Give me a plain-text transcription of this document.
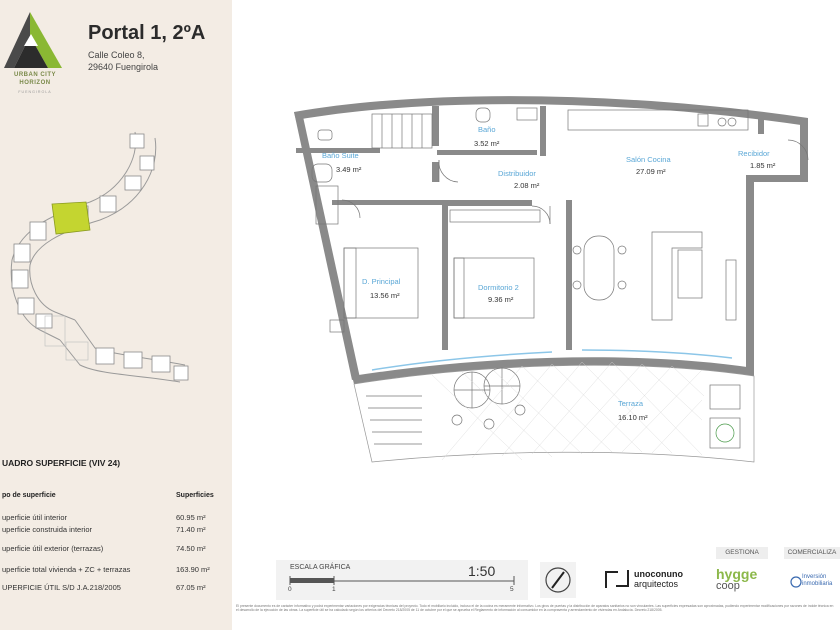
URBAN CITY
HORIZON
FUENGIROLA
Portal 1, 2ºA
Calle Coleo 8,
29640 Fuengirola
UADRO SUPERFICIE (VIV 24)
po de superficie	Superficies
uperficie útil interior	60.95 m²
uperficie construida interior	71.40 m²
uperficie útil exterior (terrazas)	74.50 m²
uperficie total vivienda + ZC + terrazas	163.90 m²
UPERFICIE ÚTIL S/D J.A.218/2005	67.05 m²
Baño Suite
3.49 m²
Baño
3.52 m²
Distribuidor
2.08 m²
Salón Cocina
27.09 m²
Recibidor
1.85 m²
D. Principal
13.56 m²
Dormitorio 2
9.36 m²
Terraza
16.10 m²
ESCALA GRÁFICA	1:50
0	1	5
unoconuno
arquitectos
GESTIONA	COMERCIALIZA
hygge
coop
Inversión inmobiliaria
El presente documento es de carácter informativo y podrá experimentar variaciones por exigencias técnicas del proyecto. Todo el mobiliario incluido, incluso el de la cocina es meramente informativo. Los giros de puertas y la distribución de aparatos sanitarios no son vinculantes. Las superficies expresadas son aproximadas, pudiendo experimentar modificaciones por razones de índole técnica en el desarrollo de la ejecución de las obras. La superficie útil se ha calculado según los criterios del Decreto 218/2005 de 11 de octubre por el que se aprueba el Reglamento de información al consumidor en la compraventa y arrendamiento de viviendas en Andalucía. Decreto 218/2005.
